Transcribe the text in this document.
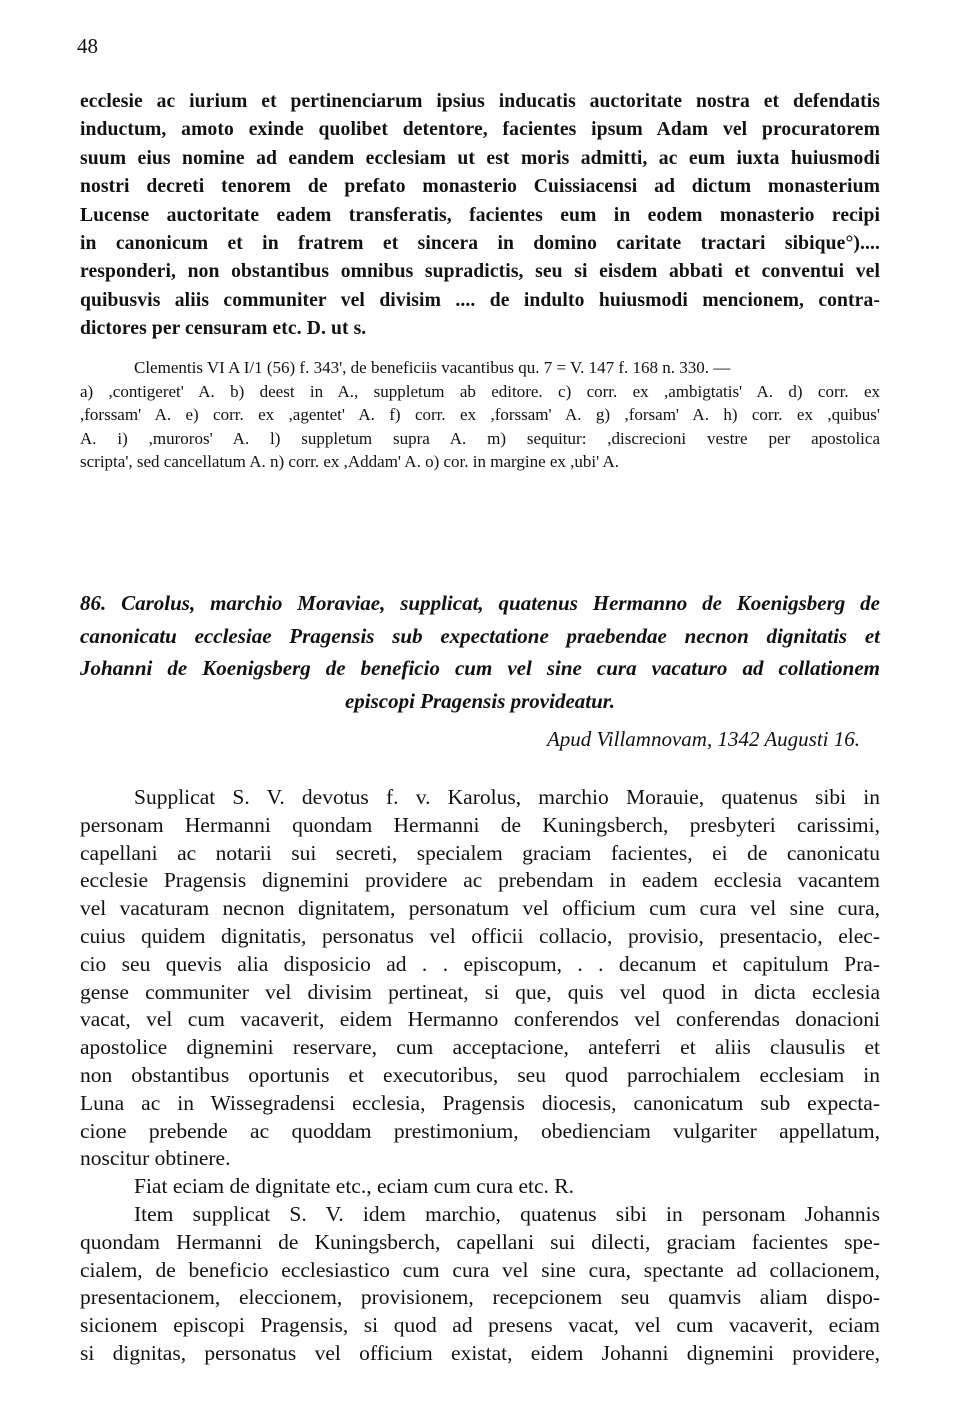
48
ecclesie ac iurium et pertinenciarum ipsius inducatis auctoritate nostra et defendatis
inductum, amoto exinde quolibet detentore, facientes ipsum Adam vel procuratorem
suum eius nomine ad eandem ecclesiam ut est moris admitti, ac eum iuxta huiusmodi
nostri decreti tenorem de prefato monasterio Cuissiacensi ad dictum monasterium
Lucense auctoritate eadem transferatis, facientes eum in eodem monasterio recipi
in canonicum et in fratrem et sincera in domino caritate tractari sibique°)....
responderi, non obstantibus omnibus supradictis, seu si eisdem abbati et conventui vel
quibusvis aliis communiter vel divisim .... de indulto huiusmodi mencionem, contra-
dictores per censuram etc. D. ut s.
Clementis VI A I/1 (56) f. 343', de beneficiis vacantibus qu. 7 = V. 147 f. 168 n. 330. —
a) ,contigeret' A. b) deest in A., suppletum ab editore. c) corr. ex ,ambigtatis' A. d) corr. ex
,forssam' A. e) corr. ex ,agentet' A. f) corr. ex ,forssam' A. g) ,forsam' A. h) corr. ex ,quibus'
A. i) ,muroros' A. l) suppletum supra A. m) sequitur: ,discrecioni vestre per apostolica
scripta', sed cancellatum A. n) corr. ex ,Addam' A. o) cor. in margine ex ,ubi' A.
86. Carolus, marchio Moraviae, supplicat, quatenus Hermanno de Koenigsberg de
canonicatu ecclesiae Pragensis sub expectatione praebendae necnon dignitatis et
Johanni de Koenigsberg de beneficio cum vel sine cura vacaturo ad collationem
episcopi Pragensis provideatur.
Apud Villamnovam, 1342 Augusti 16.
Supplicat S. V. devotus f. v. Karolus, marchio Morauie, quatenus sibi in
personam Hermanni quondam Hermanni de Kuningsberch, presbyteri carissimi,
capellani ac notarii sui secreti, specialem graciam facientes, ei de canonicatu
ecclesie Pragensis dignemini providere ac prebendam in eadem ecclesia vacantem
vel vacaturam necnon dignitatem, personatum vel officium cum cura vel sine cura,
cuius quidem dignitatis, personatus vel officii collacio, provisio, presentacio, elec-
cio seu quevis alia disposicio ad . . episcopum, . . decanum et capitulum Pra-
gense communiter vel divisim pertineat, si que, quis vel quod in dicta ecclesia
vacat, vel cum vacaverit, eidem Hermanno conferendos vel conferendas donacioni
apostolice dignemini reservare, cum acceptacione, anteferri et aliis clausulis et
non obstantibus oportunis et executoribus, seu quod parrochialem ecclesiam in
Luna ac in Wissegradensi ecclesia, Pragensis diocesis, canonicatum sub expecta-
cione prebende ac quoddam prestimonium, obedienciam vulgariter appellatum,
noscitur obtinere.
Fiat eciam de dignitate etc., eciam cum cura etc. R.
Item supplicat S. V. idem marchio, quatenus sibi in personam Johannis
quondam Hermanni de Kuningsberch, capellani sui dilecti, graciam facientes spe-
cialem, de beneficio ecclesiastico cum cura vel sine cura, spectante ad collacionem,
presentacionem, eleccionem, provisionem, recepcionem seu quamvis aliam dispo-
sicionem episcopi Pragensis, si quod ad presens vacat, vel cum vacaverit, eciam
si dignitas, personatus vel officium existat, eidem Johanni dignemini providere,
